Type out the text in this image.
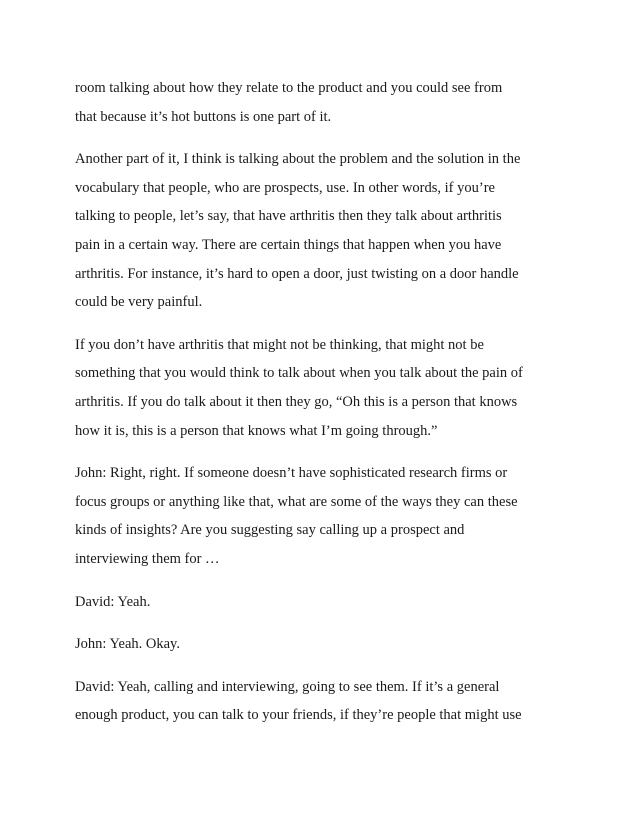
room talking about how they relate to the product and you could see from
that because it’s hot buttons is one part of it.

Another part of it, I think is talking about the problem and the solution in the
vocabulary that people, who are prospects, use. In other words, if you’re
talking to people, let’s say, that have arthritis then they talk about arthritis
pain in a certain way. There are certain things that happen when you have
arthritis. For instance, it’s hard to open a door, just twisting on a door handle
could be very painful.

If you don’t have arthritis that might not be thinking, that might not be
something that you would think to talk about when you talk about the pain of
arthritis. If you do talk about it then they go, “Oh this is a person that knows
how it is, this is a person that knows what I’m going through.”

John: Right, right. If someone doesn’t have sophisticated research firms or
focus groups or anything like that, what are some of the ways they can these
kinds of insights? Are you suggesting say calling up a prospect and
interviewing them for …

David: Yeah.

John: Yeah. Okay.

David: Yeah, calling and interviewing, going to see them. If it’s a general
enough product, you can talk to your friends, if they’re people that might use
